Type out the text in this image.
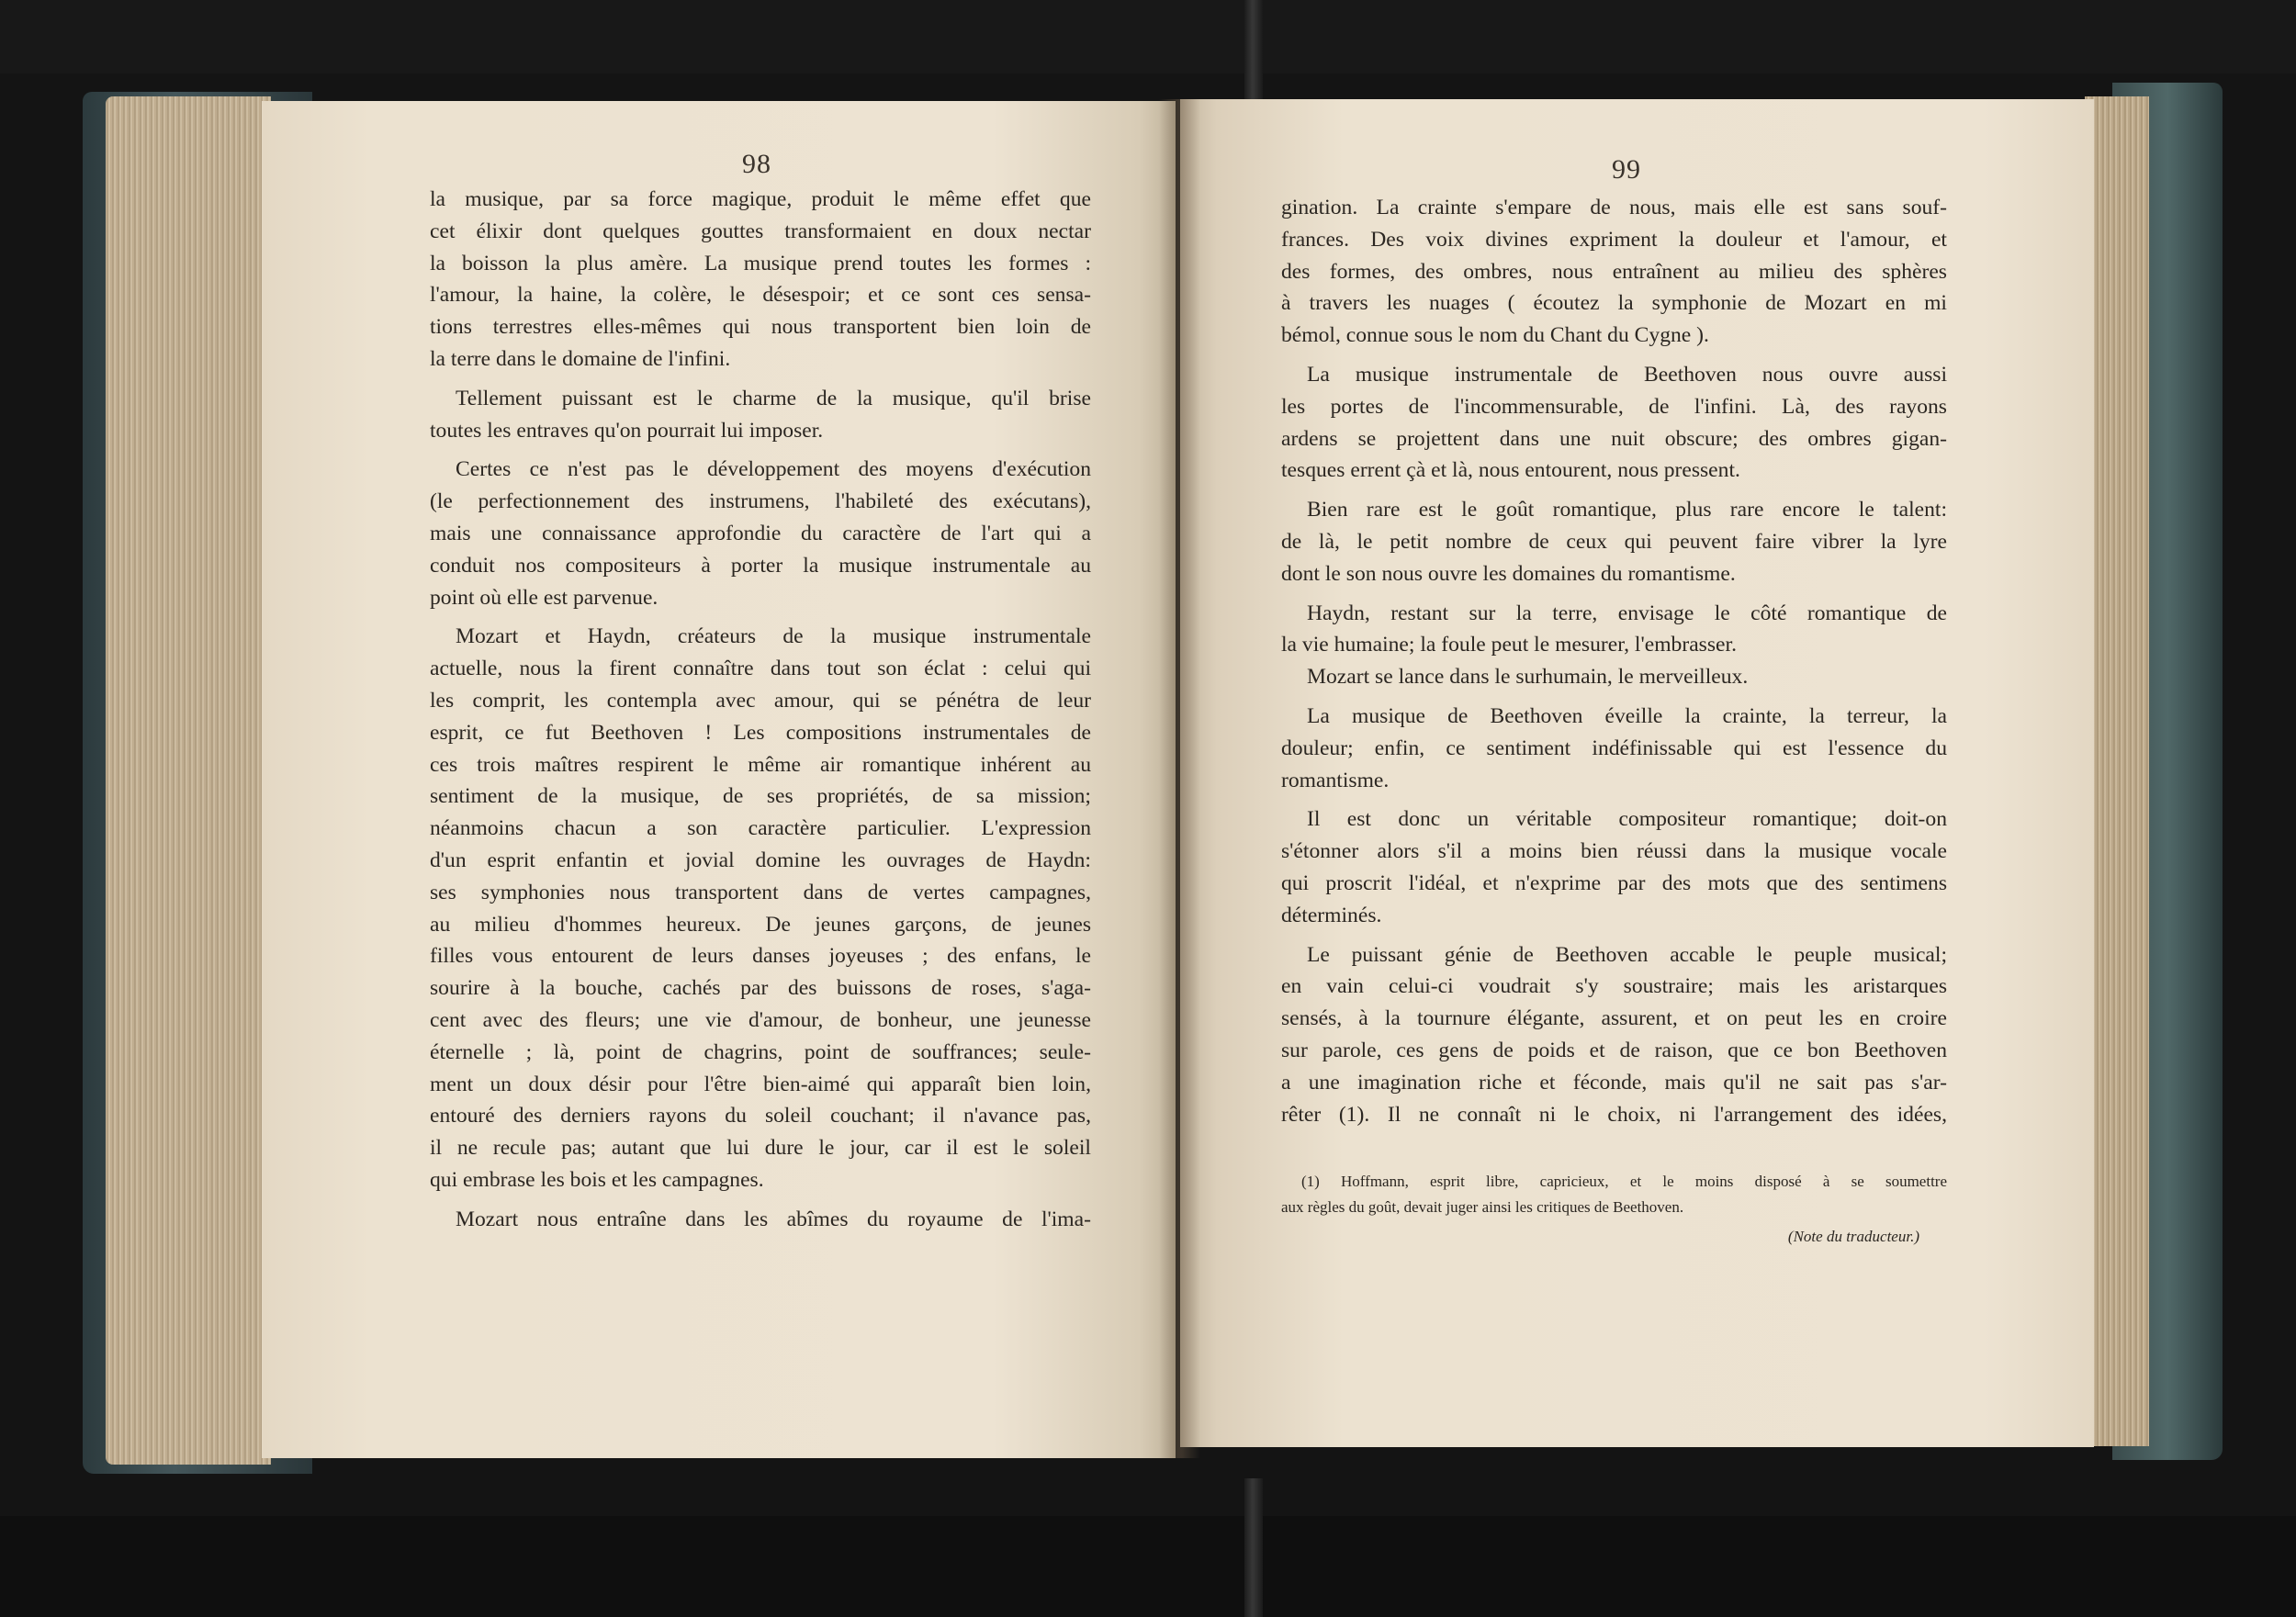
98
la musique, par sa force magique, produit le même effet que
cet élixir dont quelques gouttes transformaient en doux nectar
la boisson la plus amère. La musique prend toutes les formes :
l'amour, la haine, la colère, le désespoir; et ce sont ces sensa-
tions terrestres elles-mêmes qui nous transportent bien loin de
la terre dans le domaine de l'infini.
Tellement puissant est le charme de la musique, qu'il brise
toutes les entraves qu'on pourrait lui imposer.
Certes ce n'est pas le développement des moyens d'exécution
(le perfectionnement des instrumens, l'habileté des exécutans),
mais une connaissance approfondie du caractère de l'art qui a
conduit nos compositeurs à porter la musique instrumentale au
point où elle est parvenue.
Mozart et Haydn, créateurs de la musique instrumentale
actuelle, nous la firent connaître dans tout son éclat : celui qui
les comprit, les contempla avec amour, qui se pénétra de leur
esprit, ce fut Beethoven ! Les compositions instrumentales de
ces trois maîtres respirent le même air romantique inhérent au
sentiment de la musique, de ses propriétés, de sa mission;
néanmoins chacun a son caractère particulier. L'expression
d'un esprit enfantin et jovial domine les ouvrages de Haydn:
ses symphonies nous transportent dans de vertes campagnes,
au milieu d'hommes heureux. De jeunes garçons, de jeunes
filles vous entourent de leurs danses joyeuses ; des enfans, le
sourire à la bouche, cachés par des buissons de roses, s'aga-
cent avec des fleurs; une vie d'amour, de bonheur, une jeunesse
éternelle ; là, point de chagrins, point de souffrances; seule-
ment un doux désir pour l'être bien-aimé qui apparaît bien loin,
entouré des derniers rayons du soleil couchant; il n'avance pas,
il ne recule pas; autant que lui dure le jour, car il est le soleil
qui embrase les bois et les campagnes.
Mozart nous entraîne dans les abîmes du royaume de l'ima-
99
gination. La crainte s'empare de nous, mais elle est sans souf-
frances. Des voix divines expriment la douleur et l'amour, et
des formes, des ombres, nous entraînent au milieu des sphères
à travers les nuages ( écoutez la symphonie de Mozart en mi
bémol, connue sous le nom du Chant du Cygne ).
La musique instrumentale de Beethoven nous ouvre aussi
les portes de l'incommensurable, de l'infini. Là, des rayons
ardens se projettent dans une nuit obscure; des ombres gigan-
tesques errent çà et là, nous entourent, nous pressent.
Bien rare est le goût romantique, plus rare encore le talent:
de là, le petit nombre de ceux qui peuvent faire vibrer la lyre
dont le son nous ouvre les domaines du romantisme.
Haydn, restant sur la terre, envisage le côté romantique de
la vie humaine; la foule peut le mesurer, l'embrasser.
Mozart se lance dans le surhumain, le merveilleux.
La musique de Beethoven éveille la crainte, la terreur, la
douleur; enfin, ce sentiment indéfinissable qui est l'essence du
romantisme.
Il est donc un véritable compositeur romantique; doit-on
s'étonner alors s'il a moins bien réussi dans la musique vocale
qui proscrit l'idéal, et n'exprime par des mots que des sentimens
déterminés.
Le puissant génie de Beethoven accable le peuple musical;
en vain celui-ci voudrait s'y soustraire; mais les aristarques
sensés, à la tournure élégante, assurent, et on peut les en croire
sur parole, ces gens de poids et de raison, que ce bon Beethoven
a une imagination riche et féconde, mais qu'il ne sait pas s'ar-
rêter (1). Il ne connaît ni le choix, ni l'arrangement des idées,
(1) Hoffmann, esprit libre, capricieux, et le moins disposé à se soumettre
aux règles du goût, devait juger ainsi les critiques de Beethoven.
(Note du traducteur.)
